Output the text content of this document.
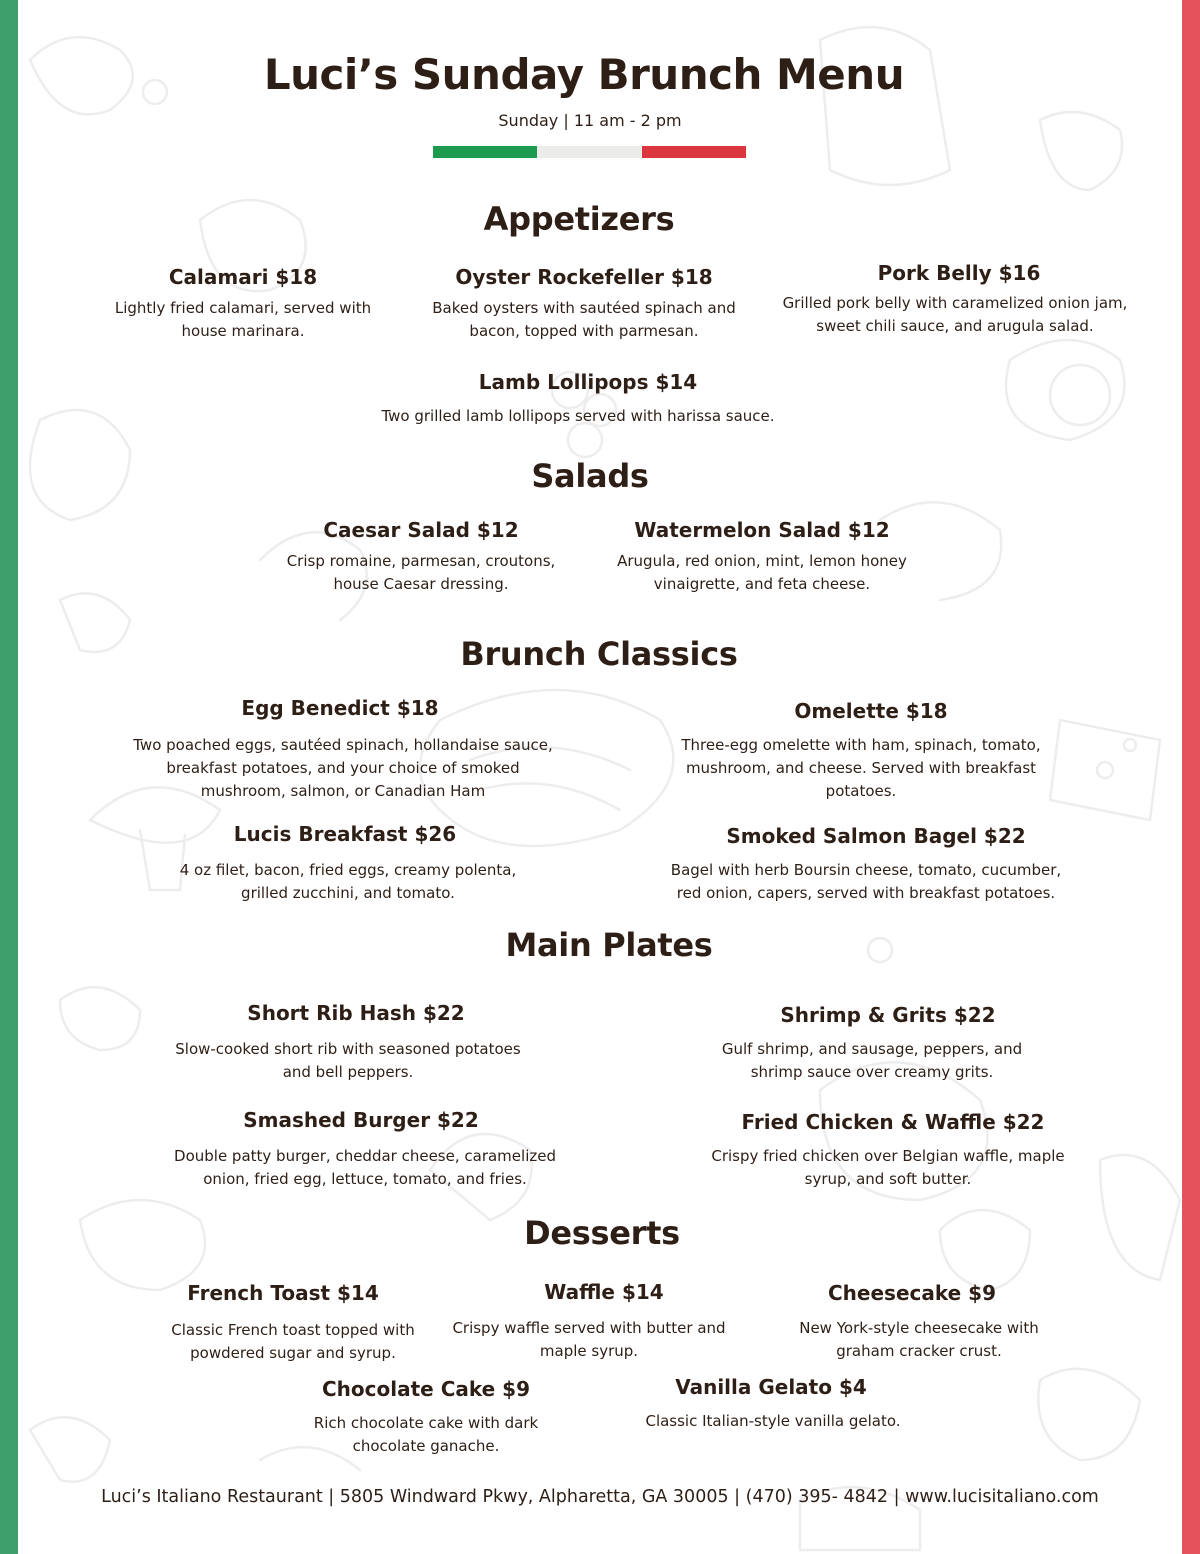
Luci’s Sunday Brunch Menu
Sunday | 11 am - 2 pm
Appetizers
Calamari $18
Lightly fried calamari, served with house marinara.
Oyster Rockefeller $18
Baked oysters with sautéed spinach and bacon, topped with parmesan.
Pork Belly $16
Grilled pork belly with caramelized onion jam, sweet chili sauce, and arugula salad.
Lamb Lollipops $14
Two grilled lamb lollipops served with harissa sauce.
Salads
Caesar Salad $12
Crisp romaine, parmesan, croutons, house Caesar dressing.
Watermelon Salad $12
Arugula, red onion, mint, lemon honey vinaigrette, and feta cheese.
Brunch Classics
Egg Benedict $18
Two poached eggs, sautéed spinach, hollandaise sauce, breakfast potatoes, and your choice of smoked mushroom, salmon, or Canadian Ham
Omelette $18
Three-egg omelette with ham, spinach, tomato, mushroom, and cheese. Served with breakfast potatoes.
Lucis Breakfast $26
4 oz filet, bacon, fried eggs, creamy polenta, grilled zucchini, and tomato.
Smoked Salmon Bagel $22
Bagel with herb Boursin cheese, tomato, cucumber, red onion, capers, served with breakfast potatoes.
Main Plates
Short Rib Hash $22
Slow-cooked short rib with seasoned potatoes and bell peppers.
Shrimp & Grits $22
Gulf shrimp, and sausage, peppers, and shrimp sauce over creamy grits.
Smashed Burger $22
Double patty burger, cheddar cheese, caramelized onion, fried egg, lettuce, tomato, and fries.
Fried Chicken & Waffle $22
Crispy fried chicken over Belgian waffle, maple syrup, and soft butter.
Desserts
French Toast $14
Classic French toast topped with powdered sugar and syrup.
Waffle $14
Crispy waffle served with butter and maple syrup.
Cheesecake $9
New York-style cheesecake with graham cracker crust.
Chocolate Cake $9
Rich chocolate cake with dark chocolate ganache.
Vanilla Gelato $4
Classic Italian-style vanilla gelato.
Luci’s Italiano Restaurant | 5805 Windward Pkwy, Alpharetta, GA 30005 | (470) 395- 4842 | www.lucisitaliano.com
